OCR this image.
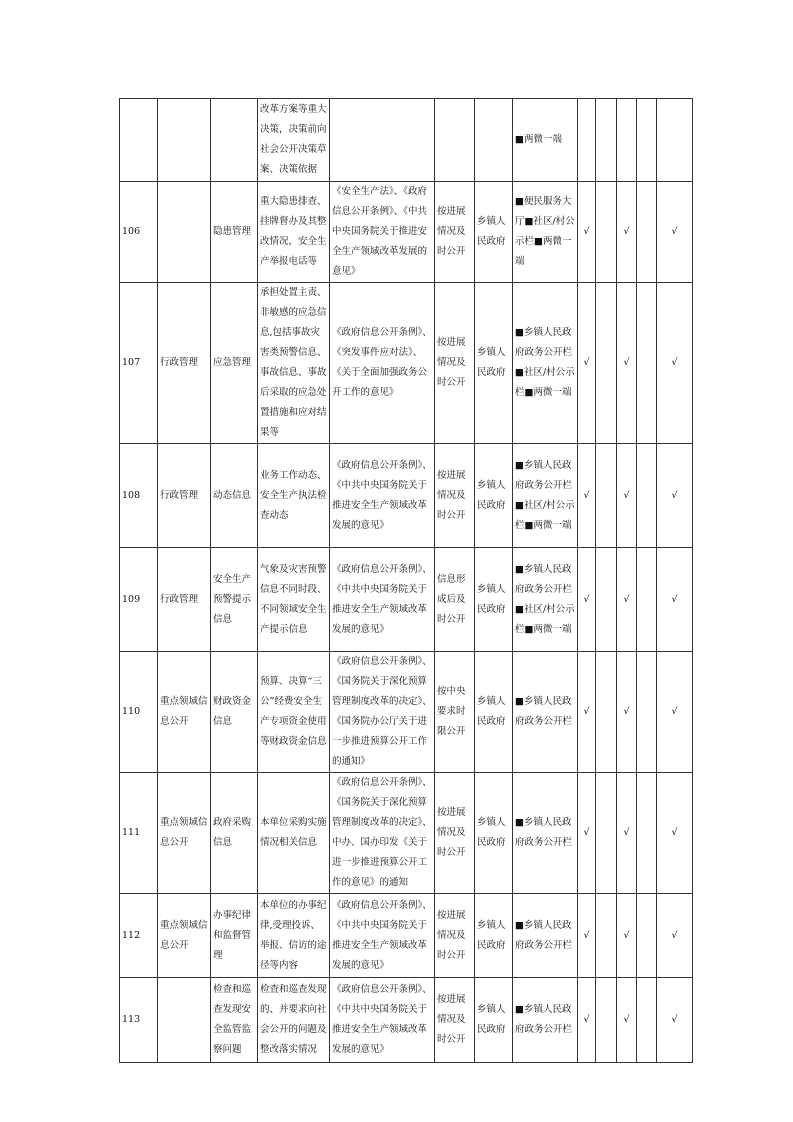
			改革方案等重大决策，决策前向社会公开决策草案、决策依据				■两微一端					
106		隐患管理	重大隐患排查、挂牌督办及其整改情况，安全生产举报电话等	《安全生产法》、《政府信息公开条例》、《中共中央国务院关于推进安全生产领域改革发展的意见》	按进展情况及时公开	乡镇人民政府	■便民服务大厅■社区/村公示栏■两微一端	√		√		√
107	行政管理	应急管理	承担处置主责、非敏感的应急信息,包括事故灾害类预警信息、事故信息、事故后采取的应急处置措施和应对结果等	《政府信息公开条例》、《突发事件应对法》、《关于全面加强政务公开工作的意见》	按进展情况及时公开	乡镇人民政府	■乡镇人民政府政务公开栏■社区/村公示栏■两微一端	√		√		√
108	行政管理	动态信息	业务工作动态、安全生产执法检查动态	《政府信息公开条例》、《中共中央国务院关于推进安全生产领域改革发展的意见》	按进展情况及时公开	乡镇人民政府	■乡镇人民政府政务公开栏■社区/村公示栏■两微一端	√		√		√
109	行政管理	安全生产预警提示信息	气象及灾害预警信息不同时段、不同领域安全生产提示信息	《政府信息公开条例》、《中共中央国务院关于推进安全生产领域改革发展的意见》	信息形成后及时公开	乡镇人民政府	■乡镇人民政府政务公开栏■社区/村公示栏■两微一端	√		√		√
110	重点领域信息公开	财政资金信息	预算、决算“三公”经费安全生产专项资金使用等财政资金信息	《政府信息公开条例》、《国务院关于深化预算管理制度改革的决定》、《国务院办公厅关于进一步推进预算公开工作的通知》	按中央要求时限公开	乡镇人民政府	■乡镇人民政府政务公开栏	√		√		√
111	重点领域信息公开	政府采购信息	本单位采购实施情况相关信息	《政府信息公开条例》、《国务院关于深化预算管理制度改革的决定》、中办、国办印发《关于进一步推进预算公开工作的意见》的通知	按进展情况及时公开	乡镇人民政府	■乡镇人民政府政务公开栏	√		√		√
112	重点领域信息公开	办事纪律和监督管理	本单位的办事纪律,受理投诉、举报、信访的途径等内容	《政府信息公开条例》、《中共中央国务院关于推进安全生产领域改革发展的意见》	按进展情况及时公开	乡镇人民政府	■乡镇人民政府政务公开栏	√		√		√
113		检查和巡查发现安全监管监察问题	检查和巡查发现的、并要求向社会公开的问题及整改落实情况	《政府信息公开条例》、《中共中央国务院关于推进安全生产领域改革发展的意见》	按进展情况及时公开	乡镇人民政府	■乡镇人民政府政务公开栏	√		√		√
